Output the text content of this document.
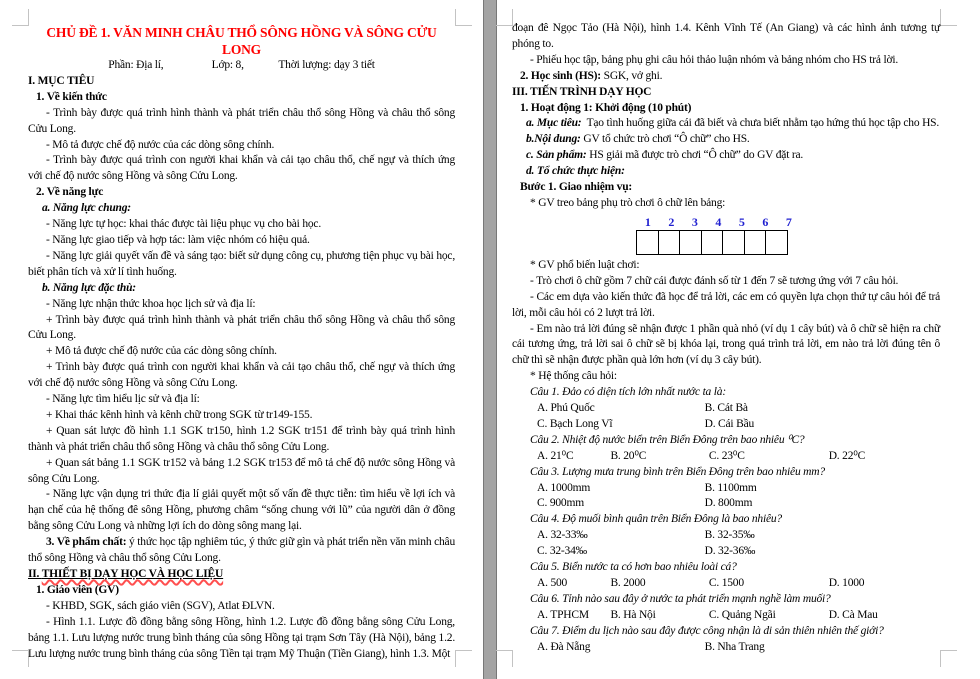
CHỦ ĐỀ 1. VĂN MINH CHÂU THỔ SÔNG HỒNG VÀ SÔNG CỬU LONG
Phần: Địa lí,                  Lớp: 8,             Thời lượng: dạy 3 tiết
I. MỤC TIÊU
1. Về kiến thức
- Trình bày được quá trình hình thành và phát triển châu thổ sông Hồng và châu thổ sông Cửu Long.
- Mô tả được chế độ nước của các dòng sông chính.
- Trình bày được quá trình con người khai khẩn và cải tạo châu thổ, chế ngự và thích ứng với chế độ nước sông Hồng và sông Cửu Long.
2. Về năng lực
a. Năng lực chung:
- Năng lực tự học: khai thác được tài liệu phục vụ cho bài học.
- Năng lực giao tiếp và hợp tác: làm việc nhóm có hiệu quả.
- Năng lực giải quyết vấn đề và sáng tạo: biết sử dụng công cụ, phương tiện phục vụ bài học, biết phân tích và xử lí tình huống.
b. Năng lực đặc thù:
- Năng lực nhận thức khoa học lịch sử và địa lí:
+ Trình bày được quá trình hình thành và phát triển châu thổ sông Hồng và châu thổ sông Cửu Long.
+ Mô tả được chế độ nước của các dòng sông chính.
+ Trình bày được quá trình con người khai khẩn và cải tạo châu thổ, chế ngự và thích ứng với chế độ nước sông Hồng và sông Cửu Long.
- Năng lực tìm hiểu lịc sử và địa lí:
+ Khai thác kênh hình và kênh chữ trong SGK từ tr149-155.
+ Quan sát lược đồ hình 1.1 SGK tr150, hình 1.2 SGK tr151 để trình bày quá trình hình thành và phát triển châu thổ sông Hồng và châu thổ sông Cửu Long.
+ Quan sát bảng 1.1 SGK tr152 và bảng 1.2 SGK tr153 để mô tả chế độ nước sông Hồng và sông Cửu Long.
- Năng lực vận dụng tri thức địa lí giải quyết một số vấn đề thực tiễn: tìm hiểu về lợi ích và hạn chế của hệ thống đê sông Hồng, phương châm “sống chung với lũ” của người dân ở đồng bằng sông Cửu Long và những lợi ích do dòng sông mang lại.
3. Về phẩm chất: ý thức học tập nghiêm túc, ý thức giữ gìn và phát triển nền văn minh châu thổ sông Hồng và châu thổ sông Cửu Long.
II. THIẾT BỊ DẠY HỌC VÀ HỌC LIỆU
1. Giáo viên (GV)
- KHBD, SGK, sách giáo viên (SGV), Atlat ĐLVN.
- Hình 1.1. Lược đồ đồng bằng sông Hồng, hình 1.2. Lược đồ đồng bằng sông Cửu Long, bảng 1.1. Lưu lượng nước trung bình tháng của sông Hồng tại trạm Sơn Tây (Hà Nội), bảng 1.2. Lưu lượng nước trung bình tháng của sông Tiền tại trạm Mỹ Thuận (Tiền Giang), hình 1.3. Một
đoạn đê Ngọc Tảo (Hà Nội), hình 1.4. Kênh Vĩnh Tế (An Giang) và các hình ảnh tương tự phóng to.
- Phiếu học tập, bảng phụ ghi câu hỏi thảo luận nhóm và bảng nhóm cho HS trả lời.
2. Học sinh (HS): SGK, vở ghi.
III. TIẾN TRÌNH DẠY HỌC
1. Hoạt động 1: Khởi động (10 phút)
a. Mục tiêu:  Tạo tình huống giữa cái đã biết và chưa biết nhằm tạo hứng thú học tập cho HS.
b.Nội dung: GV tổ chức trò chơi “Ô chữ” cho HS.
c. Sản phẩm: HS giải mã được trò chơi “Ô chữ” do GV đặt ra.
d. Tổ chức thực hiện:
Bước 1. Giao nhiệm vụ:
* GV treo bảng phụ trò chơi ô chữ lên bảng:
1	2	3	4	5	6	7
* GV phổ biến luật chơi:
- Trò chơi ô chữ gồm 7 chữ cái được đánh số từ 1 đến 7 sẽ tương ứng với 7 câu hỏi.
- Các em dựa vào kiến thức đã học để trả lời, các em có quyền lựa chọn thứ tự câu hỏi để trả lời, mỗi câu hỏi có 2 lượt trả lời.
- Em nào trả lời đúng sẽ nhận được 1 phần quà nhỏ (ví dụ 1 cây bút) và ô chữ sẽ hiện ra chữ cái tương ứng, trả lời sai ô chữ sẽ bị khóa lại, trong quá trình trả lời, em nào trả lời đúng tên ô chữ thì sẽ nhận được phần quà lớn hơn (ví dụ 3 cây bút).
* Hệ thống câu hỏi:
Câu 1. Đảo có diện tích lớn nhất nước ta là:
A. Phú Quốc	B. Cát Bà
C. Bạch Long Vĩ	D. Cái Bầu
Câu 2. Nhiệt độ nước biển trên Biển Đông trên bao nhiêu ⁰C?
A. 21⁰C	B. 20⁰C	C. 23⁰C	D. 22⁰C
Câu 3. Lượng mưa trung bình trên Biển Đông trên bao nhiêu mm?
A. 1000mm	B. 1100mm
C. 900mm	D. 800mm
Câu 4. Độ muối bình quân trên Biển Đông là bao nhiêu?
A. 32-33‰	B. 32-35‰
C. 32-34‰	D. 32-36‰
Câu 5. Biển nước ta có hơn bao nhiêu loài cá?
A. 500	B. 2000	C. 1500	D. 1000
Câu 6. Tỉnh nào sau đây ở nước ta phát triển mạnh nghề làm muối?
A. TPHCM	B. Hà Nội	C. Quảng Ngãi	D. Cà Mau
Câu 7. Điểm du lịch nào sau đây được công nhận là di sản thiên nhiên thế giới?
A. Đà Nẵng	B. Nha Trang
